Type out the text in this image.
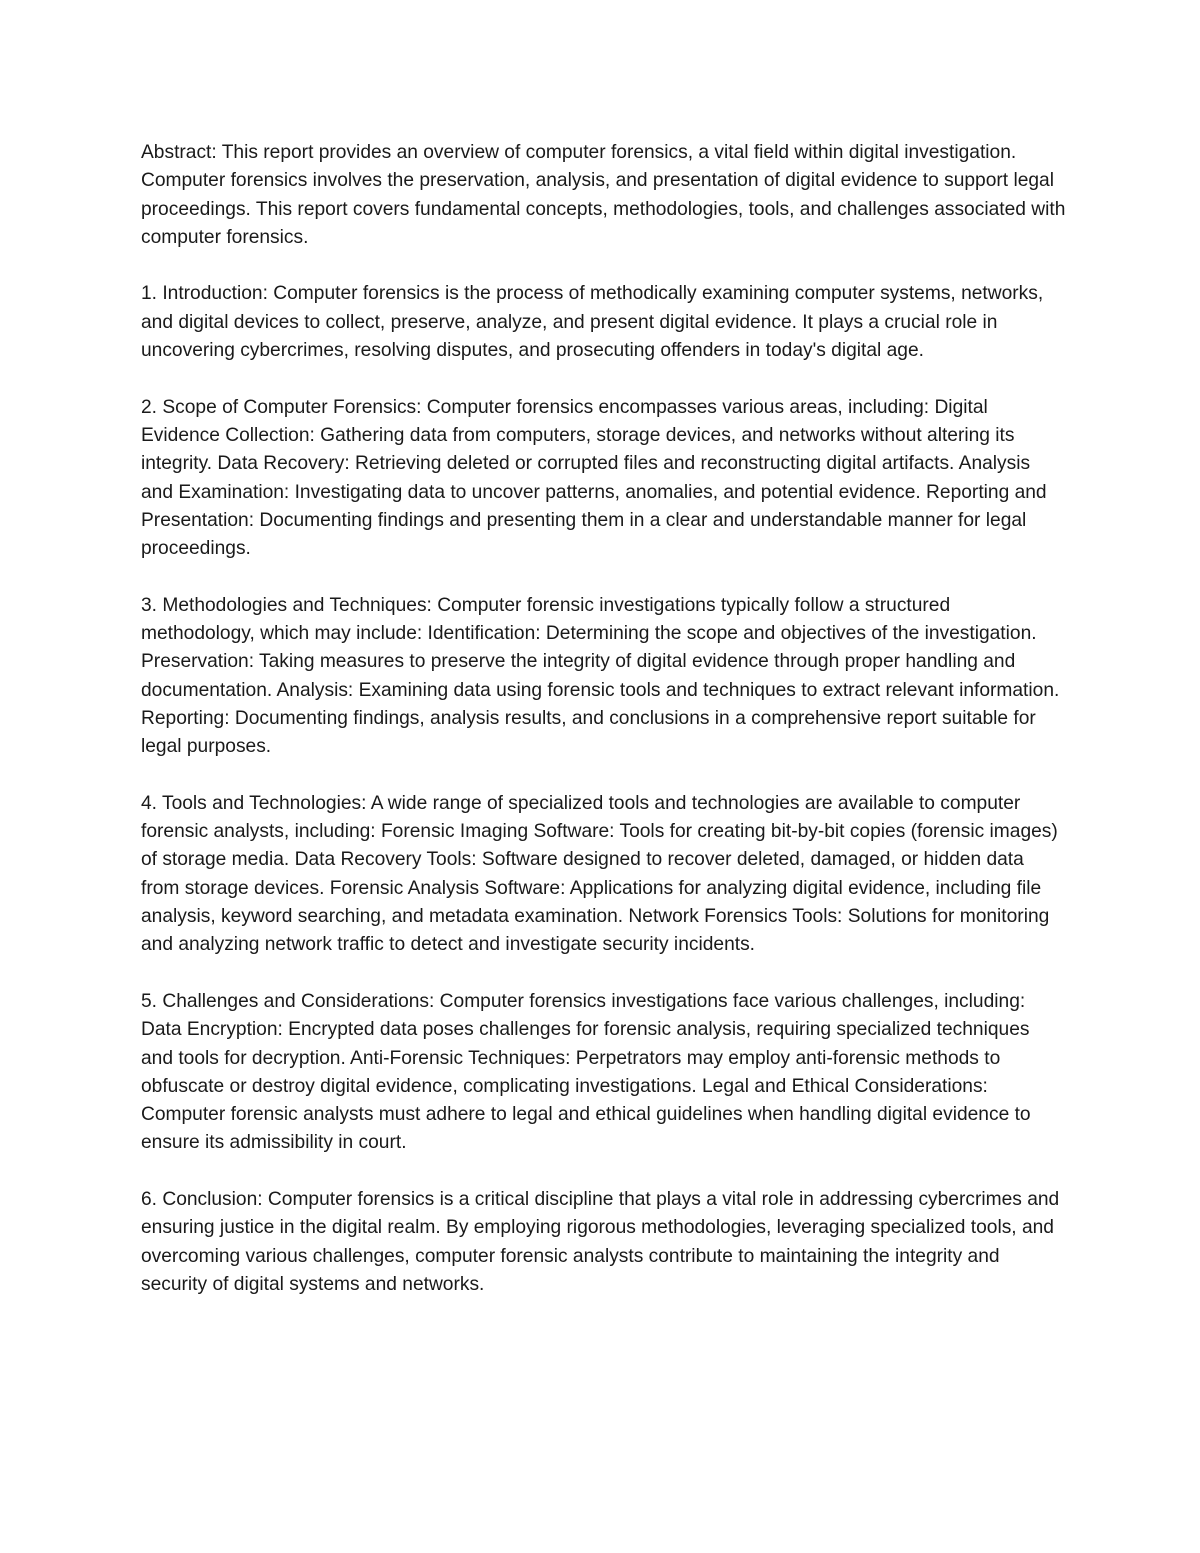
Abstract: This report provides an overview of computer forensics, a vital field within digital investigation. Computer forensics involves the preservation, analysis, and presentation of digital evidence to support legal proceedings. This report covers fundamental concepts, methodologies, tools, and challenges associated with computer forensics.

1. Introduction: Computer forensics is the process of methodically examining computer systems, networks, and digital devices to collect, preserve, analyze, and present digital evidence. It plays a crucial role in uncovering cybercrimes, resolving disputes, and prosecuting offenders in today's digital age.

2. Scope of Computer Forensics: Computer forensics encompasses various areas, including: Digital Evidence Collection: Gathering data from computers, storage devices, and networks without altering its integrity. Data Recovery: Retrieving deleted or corrupted files and reconstructing digital artifacts. Analysis and Examination: Investigating data to uncover patterns, anomalies, and potential evidence. Reporting and Presentation: Documenting findings and presenting them in a clear and understandable manner for legal proceedings.

3. Methodologies and Techniques: Computer forensic investigations typically follow a structured methodology, which may include: Identification: Determining the scope and objectives of the investigation. Preservation: Taking measures to preserve the integrity of digital evidence through proper handling and documentation. Analysis: Examining data using forensic tools and techniques to extract relevant information. Reporting: Documenting findings, analysis results, and conclusions in a comprehensive report suitable for legal purposes.

4. Tools and Technologies: A wide range of specialized tools and technologies are available to computer forensic analysts, including: Forensic Imaging Software: Tools for creating bit-by-bit copies (forensic images) of storage media. Data Recovery Tools: Software designed to recover deleted, damaged, or hidden data from storage devices. Forensic Analysis Software: Applications for analyzing digital evidence, including file analysis, keyword searching, and metadata examination. Network Forensics Tools: Solutions for monitoring and analyzing network traffic to detect and investigate security incidents.

5. Challenges and Considerations: Computer forensics investigations face various challenges, including: Data Encryption: Encrypted data poses challenges for forensic analysis, requiring specialized techniques and tools for decryption. Anti-Forensic Techniques: Perpetrators may employ anti-forensic methods to obfuscate or destroy digital evidence, complicating investigations. Legal and Ethical Considerations: Computer forensic analysts must adhere to legal and ethical guidelines when handling digital evidence to ensure its admissibility in court.

6. Conclusion: Computer forensics is a critical discipline that plays a vital role in addressing cybercrimes and ensuring justice in the digital realm. By employing rigorous methodologies, leveraging specialized tools, and overcoming various challenges, computer forensic analysts contribute to maintaining the integrity and security of digital systems and networks.
